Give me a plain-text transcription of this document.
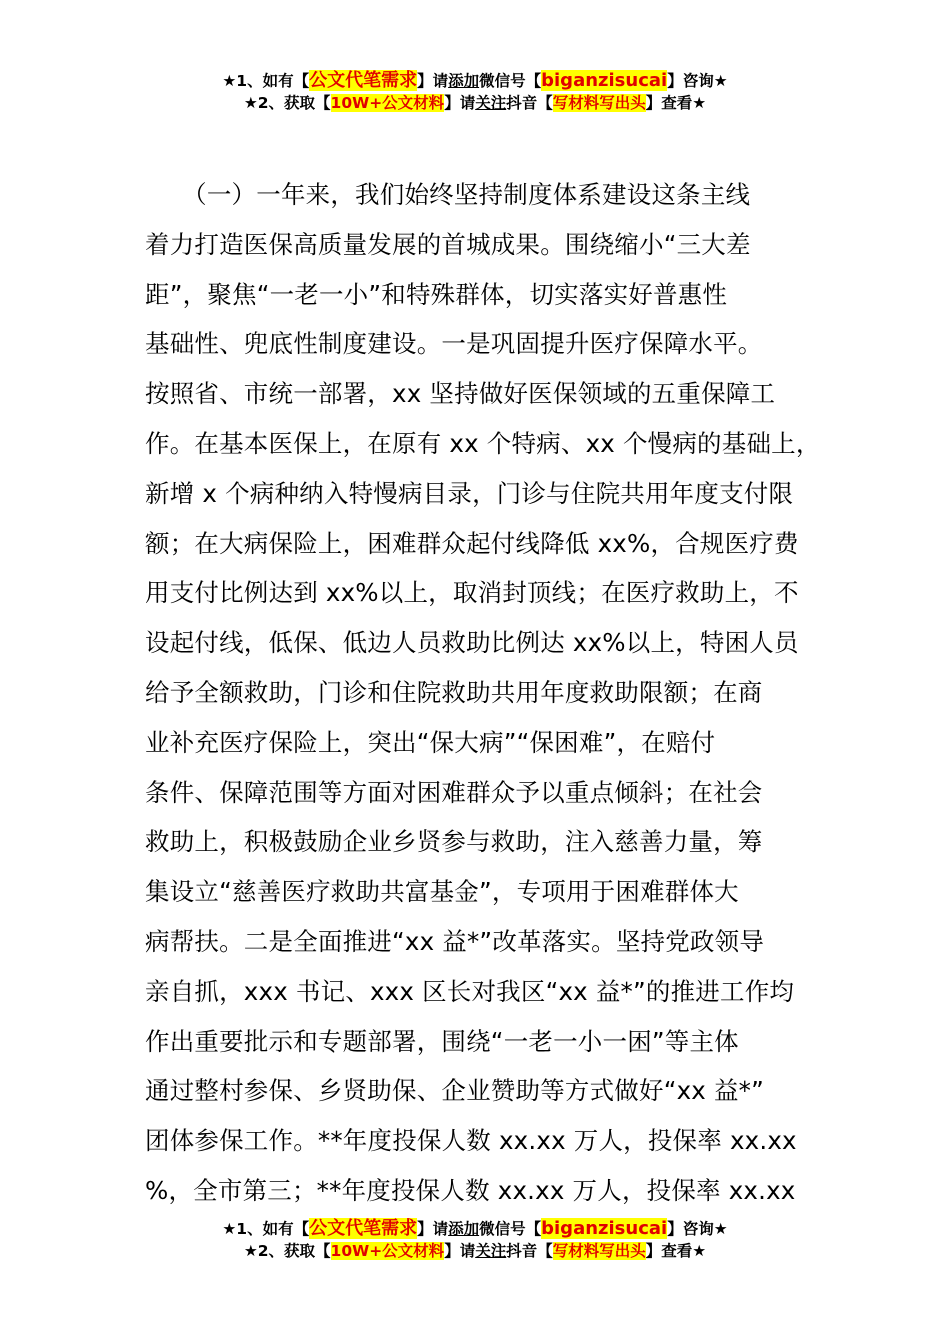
★1、如有【公文代笔需求】请添加微信号【biganzisucai】咨询★
★2、获取【10W+公文材料】请关注抖音【写材料写出头】查看★
　　（一）一年来，我们始终坚持制度体系建设这条主线
着力打造医保高质量发展的首城成果。围绕缩小“三大差
距”，聚焦“一老一小”和特殊群体，切实落实好普惠性
基础性、兜底性制度建设。一是巩固提升医疗保障水平。
按照省、市统一部署，xx 坚持做好医保领域的五重保障工
作。在基本医保上，在原有 xx 个特病、xx 个慢病的基础上，
新增 x 个病种纳入特慢病目录，门诊与住院共用年度支付限
额；在大病保险上，困难群众起付线降低 xx%，合规医疗费
用支付比例达到 xx%以上，取消封顶线；在医疗救助上，不
设起付线，低保、低边人员救助比例达 xx%以上，特困人员
给予全额救助，门诊和住院救助共用年度救助限额；在商
业补充医疗保险上，突出“保大病”“保困难”，在赔付
条件、保障范围等方面对困难群众予以重点倾斜；在社会
救助上，积极鼓励企业乡贤参与救助，注入慈善力量，筹
集设立“慈善医疗救助共富基金”，专项用于困难群体大
病帮扶。二是全面推进“xx 益*”改革落实。坚持党政领导
亲自抓，xxx 书记、xxx 区长对我区“xx 益*”的推进工作均
作出重要批示和专题部署，围绕“一老一小一困”等主体
通过整村参保、乡贤助保、企业赞助等方式做好“xx 益*”
团体参保工作。**年度投保人数 xx.xx 万人，投保率 xx.xx
%，全市第三；**年度投保人数 xx.xx 万人，投保率 xx.xx
★1、如有【公文代笔需求】请添加微信号【biganzisucai】咨询★
★2、获取【10W+公文材料】请关注抖音【写材料写出头】查看★
